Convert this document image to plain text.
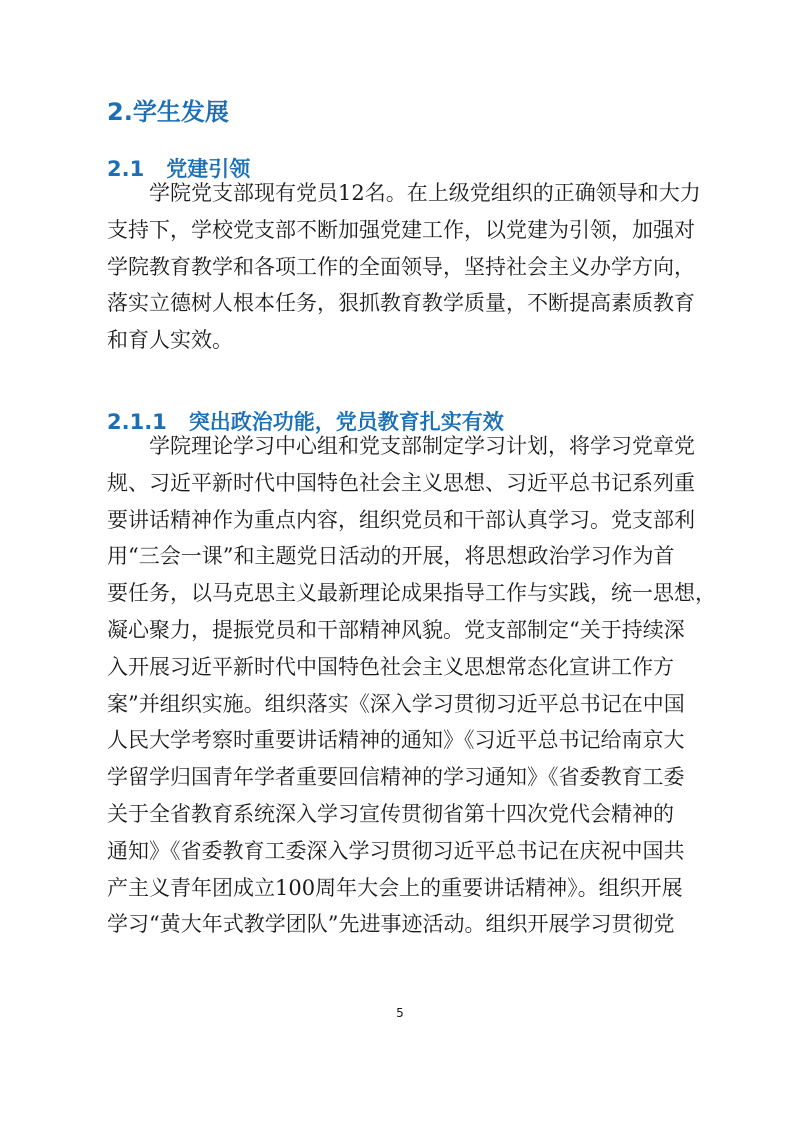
2.学生发展
2.1 党建引领
学院党支部现有党员12名。在上级党组织的正确领导和大力
支持下，学校党支部不断加强党建工作，以党建为引领，加强对
学院教育教学和各项工作的全面领导，坚持社会主义办学方向，
落实立德树人根本任务，狠抓教育教学质量，不断提高素质教育
和育人实效。
2.1.1 突出政治功能，党员教育扎实有效
学院理论学习中心组和党支部制定学习计划，将学习党章党
规、习近平新时代中国特色社会主义思想、习近平总书记系列重
要讲话精神作为重点内容，组织党员和干部认真学习。党支部利
用“三会一课”和主题党日活动的开展，将思想政治学习作为首
要任务，以马克思主义最新理论成果指导工作与实践，统一思想，
凝心聚力，提振党员和干部精神风貌。党支部制定“关于持续深
入开展习近平新时代中国特色社会主义思想常态化宣讲工作方
案”并组织实施。组织落实《深入学习贯彻习近平总书记在中国
人民大学考察时重要讲话精神的通知》《习近平总书记给南京大
学留学归国青年学者重要回信精神的学习通知》《省委教育工委
关于全省教育系统深入学习宣传贯彻省第十四次党代会精神的
通知》《省委教育工委深入学习贯彻习近平总书记在庆祝中国共
产主义青年团成立100周年大会上的重要讲话精神》。组织开展
学习“黄大年式教学团队”先进事迹活动。组织开展学习贯彻党
5
